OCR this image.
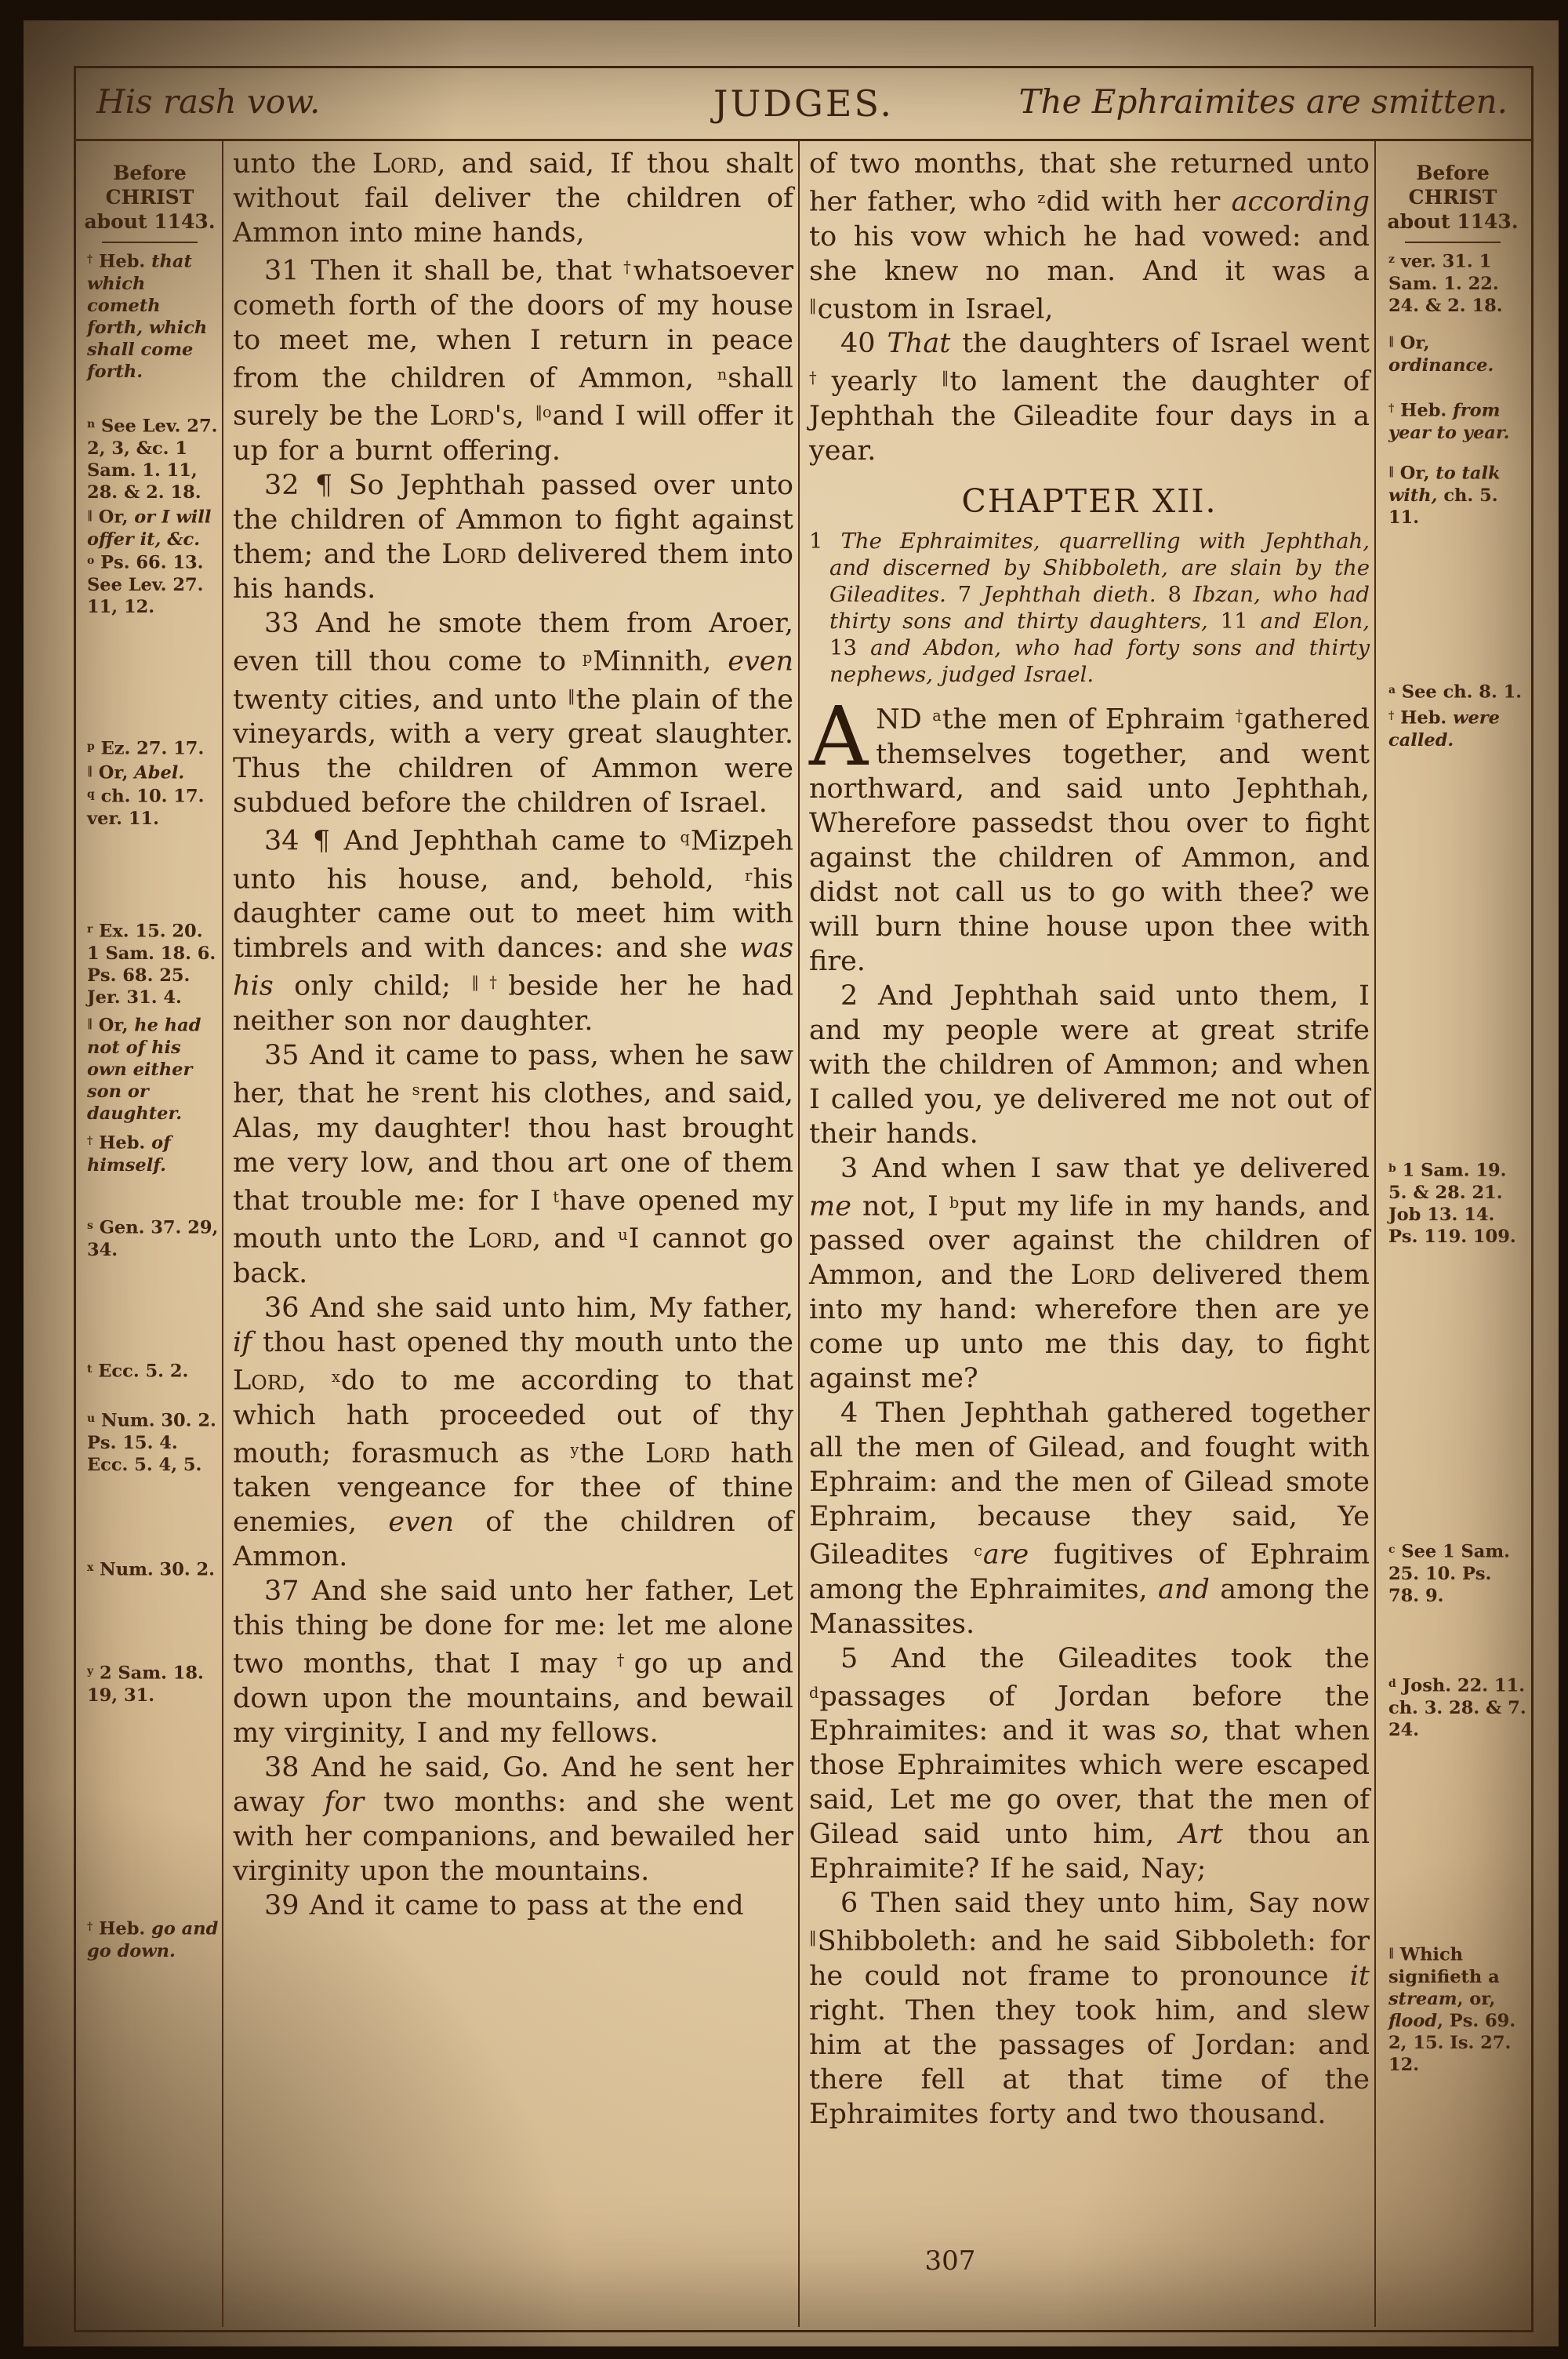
His rash vow.	JUDGES.	The Ephraimites are smitten.
Before
CHRIST
about 1143.
Before
CHRIST
about 1143.
† Heb. that which cometh forth, which shall come forth.
$^n$ See Lev. 27. 2, 3, &c. 1 Sam. 1. 11, 28. & 2. 18.
‖ Or, or I will offer it, &c.
$^o$ Ps. 66. 13. See Lev. 27. 11, 12.
$^p$ Ez. 27. 17.
‖ Or, Abel.
$^q$ ch. 10. 17. ver. 11.
$^r$ Ex. 15. 20. 1 Sam. 18. 6. Ps. 68. 25. Jer. 31. 4.
‖ Or, he had not of his own either son or daughter.
† Heb. of himself.
$^s$ Gen. 37. 29, 34.
$^t$ Ecc. 5. 2.
$^u$ Num. 30. 2. Ps. 15. 4. Ecc. 5. 4, 5.
$^x$ Num. 30. 2.
$^y$ 2 Sam. 18. 19, 31.
† Heb. go and go down.

unto the Lord, and said, If thou shalt without fail deliver the children of Ammon into mine hands,

31 Then it shall be, that †whatsoever cometh forth of the doors of my house to meet me, when I return in peace from the children of Ammon, $^n$shall surely be the Lord's, $^{‖o}$and I will offer it up for a burnt offering.

32 ¶ So Jephthah passed over unto the children of Ammon to fight against them; and the Lord delivered them into his hands.

33 And he smote them from Aroer, even till thou come to $^p$Minnith, even twenty cities, and unto ‖the plain of the vineyards, with a very great slaughter. Thus the children of Ammon were subdued before the children of Israel.

34 ¶ And Jephthah came to $^q$Mizpeh unto his house, and, behold, $^r$his daughter came out to meet him with timbrels and with dances: and she was his only child; ‖†beside her he had neither son nor daughter.

35 And it came to pass, when he saw her, that he $^s$rent his clothes, and said, Alas, my daughter! thou hast brought me very low, and thou art one of them that trouble me: for I $^t$have opened my mouth unto the Lord, and $^u$I cannot go back.

36 And she said unto him, My father, if thou hast opened thy mouth unto the Lord, $^x$do to me according to that which hath proceeded out of thy mouth; forasmuch as $^y$the Lord hath taken vengeance for thee of thine enemies, even of the children of Ammon.

37 And she said unto her father, Let this thing be done for me: let me alone two months, that I may †go up and down upon the mountains, and bewail my virginity, I and my fellows.

38 And he said, Go. And he sent her away for two months: and she went with her companions, and bewailed her virginity upon the mountains.

39 And it came to pass at the end

of two months, that she returned unto her father, who $^z$did with her according to his vow which he had vowed: and she knew no man. And it was a ‖custom in Israel,

40 That the daughters of Israel went †yearly ‖to lament the daughter of Jephthah the Gileadite four days in a year.

CHAPTER XII.

1 The Ephraimites, quarrelling with Jephthah, and discerned by Shibboleth, are slain by the Gileadites. 7 Jephthah dieth. 8 Ibzan, who had thirty sons and thirty daughters, 11 and Elon, 13 and Abdon, who had forty sons and thirty nephews, judged Israel.

AND $^a$the men of Ephraim †gathered themselves together, and went northward, and said unto Jephthah, Wherefore passedst thou over to fight against the children of Ammon, and didst not call us to go with thee? we will burn thine house upon thee with fire.

2 And Jephthah said unto them, I and my people were at great strife with the children of Ammon; and when I called you, ye delivered me not out of their hands.

3 And when I saw that ye delivered me not, I $^b$put my life in my hands, and passed over against the children of Ammon, and the Lord delivered them into my hand: wherefore then are ye come up unto me this day, to fight against me?

4 Then Jephthah gathered together all the men of Gilead, and fought with Ephraim: and the men of Gilead smote Ephraim, because they said, Ye Gileadites $^c$are fugitives of Ephraim among the Ephraimites, and among the Manassites.

5 And the Gileadites took the $^d$passages of Jordan before the Ephraimites: and it was so, that when those Ephraimites which were escaped said, Let me go over, that the men of Gilead said unto him, Art thou an Ephraimite? If he said, Nay;

6 Then said they unto him, Say now ‖Shibboleth: and he said Sibboleth: for he could not frame to pronounce it right. Then they took him, and slew him at the passages of Jordan: and there fell at that time of the Ephraimites forty and two thousand.

$^z$ ver. 31. 1 Sam. 1. 22. 24. & 2. 18.
‖ Or, ordinance.
† Heb. from year to year.
‖ Or, to talk with, ch. 5. 11.
$^a$ See ch. 8. 1.
† Heb. were called.
$^b$ 1 Sam. 19. 5. & 28. 21. Job 13. 14. Ps. 119. 109.
$^c$ See 1 Sam. 25. 10. Ps. 78. 9.
$^d$ Josh. 22. 11. ch. 3. 28. & 7. 24.
‖ Which signifieth a stream, or, flood, Ps. 69. 2, 15. Is. 27. 12.
307
